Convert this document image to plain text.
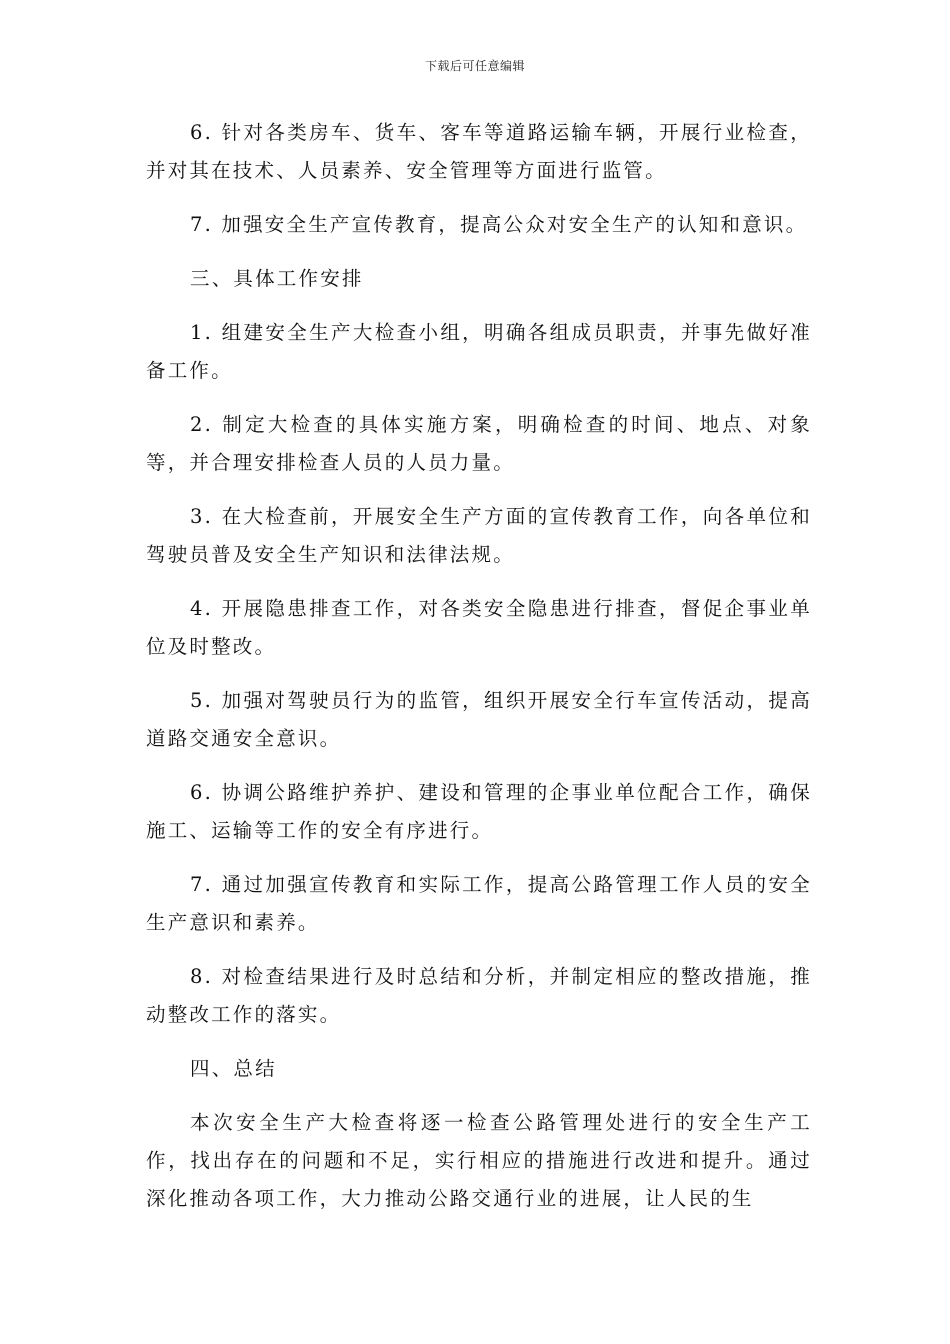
下载后可任意编辑

6. 针对各类房车、货车、客车等道路运输车辆，开展行业检查，并对其在技术、人员素养、安全管理等方面进行监管。

7. 加强安全生产宣传教育，提高公众对安全生产的认知和意识。

三、具体工作安排

1. 组建安全生产大检查小组，明确各组成员职责，并事先做好准备工作。

2. 制定大检查的具体实施方案，明确检查的时间、地点、对象等，并合理安排检查人员的人员力量。

3. 在大检查前，开展安全生产方面的宣传教育工作，向各单位和驾驶员普及安全生产知识和法律法规。

4. 开展隐患排查工作，对各类安全隐患进行排查，督促企事业单位及时整改。

5. 加强对驾驶员行为的监管，组织开展安全行车宣传活动，提高道路交通安全意识。

6. 协调公路维护养护、建设和管理的企事业单位配合工作，确保施工、运输等工作的安全有序进行。

7. 通过加强宣传教育和实际工作，提高公路管理工作人员的安全生产意识和素养。

8. 对检查结果进行及时总结和分析，并制定相应的整改措施，推动整改工作的落实。

四、总结

本次安全生产大检查将逐一检查公路管理处进行的安全生产工作，找出存在的问题和不足，实行相应的措施进行改进和提升。通过深化推动各项工作，大力推动公路交通行业的进展，让人民的生
